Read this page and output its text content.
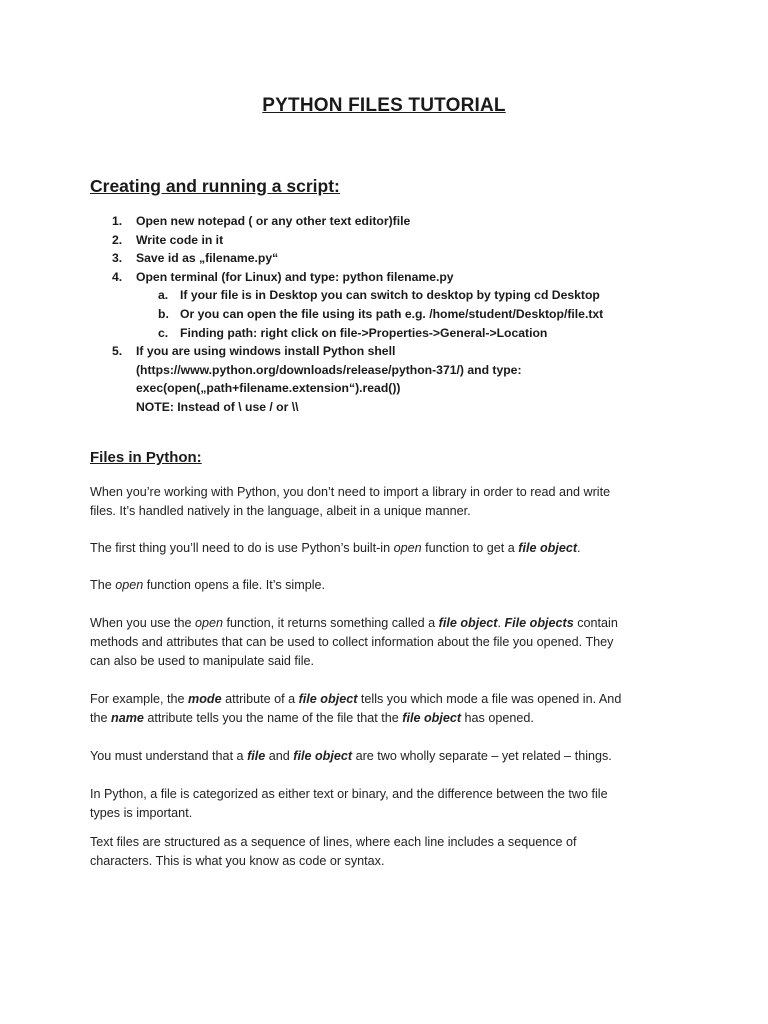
PYTHON FILES TUTORIAL
Creating and running a script:
1. Open new notepad ( or any other text editor)file
2. Write code in it
3. Save id as „filename.py“
4. Open terminal (for Linux) and type: python filename.py
a. If your file is in Desktop you can switch to desktop by typing cd Desktop
b. Or you can open the file using its path e.g. /home/student/Desktop/file.txt
c. Finding path: right click on file->Properties->General->Location
5. If you are using windows install Python shell
(https://www.python.org/downloads/release/python-371/) and type:
exec(open(„path+filename.extension“).read())
NOTE: Instead of \ use / or \\
Files in Python:
When you’re working with Python, you don’t need to import a library in order to read and write
files. It’s handled natively in the language, albeit in a unique manner.
The first thing you’ll need to do is use Python’s built-in open function to get a file object.
The open function opens a file. It’s simple.
When you use the open function, it returns something called a file object. File objects contain
methods and attributes that can be used to collect information about the file you opened. They
can also be used to manipulate said file.
For example, the mode attribute of a file object tells you which mode a file was opened in. And
the name attribute tells you the name of the file that the file object has opened.
You must understand that a file and file object are two wholly separate – yet related – things.
In Python, a file is categorized as either text or binary, and the difference between the two file
types is important.
Text files are structured as a sequence of lines, where each line includes a sequence of
characters. This is what you know as code or syntax.
